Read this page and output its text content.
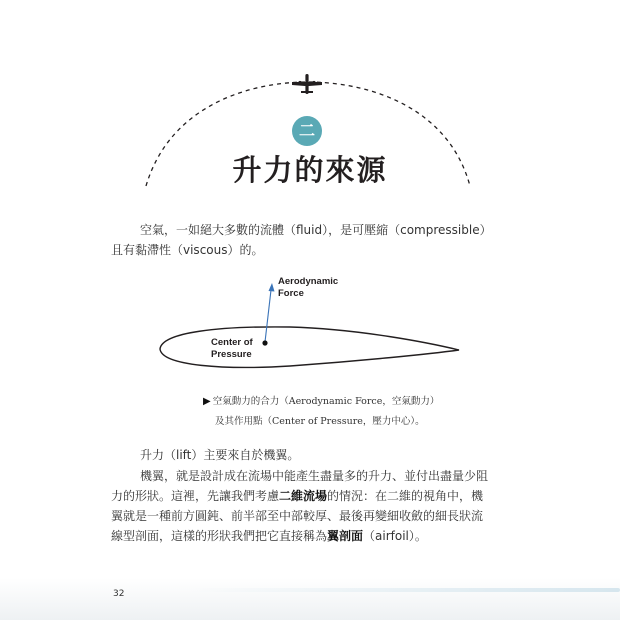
二
升力的來源
空氣，一如絕大多數的流體（fluid），是可壓縮（compressible）
且有黏滯性（viscous）的。
Aerodynamic
Force
Center of
Pressure
▶ 空氣動力的合力（Aerodynamic Force，空氣動力）
及其作用點（Center of Pressure，壓力中心）。
升力（lift）主要來自於機翼。
機翼，就是設計成在流場中能產生盡量多的升力、並付出盡量少阻
力的形狀。這裡，先讓我們考慮二維流場的情況：在二維的視角中，機
翼就是一種前方圓鈍、前半部至中部較厚、最後再變細收斂的細長狀流
線型剖面，這樣的形狀我們把它直接稱為翼剖面（airfoil）。
32
